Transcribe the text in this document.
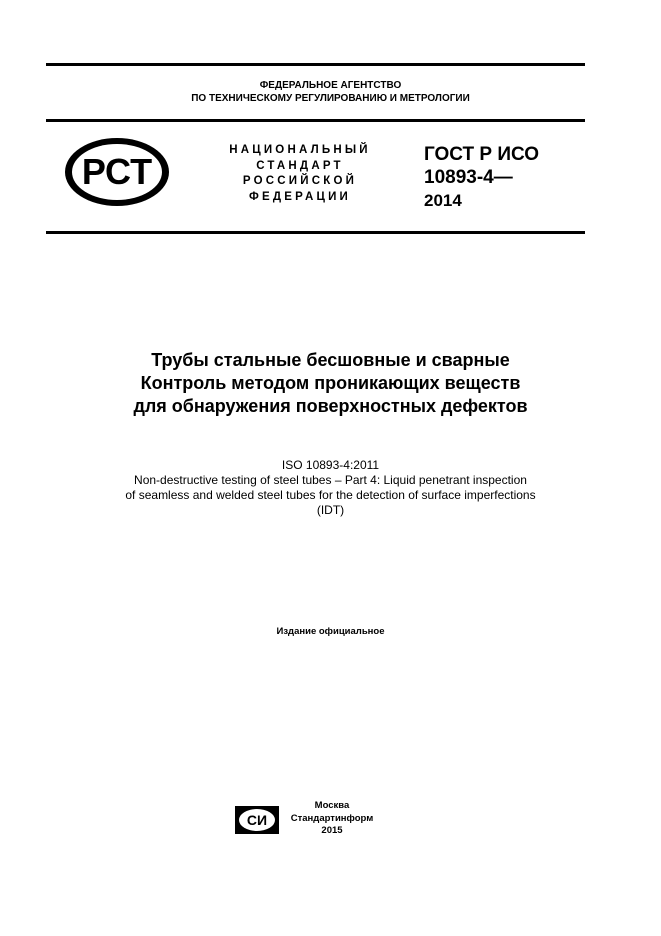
ФЕДЕРАЛЬНОЕ АГЕНТСТВО
ПО ТЕХНИЧЕСКОМУ РЕГУЛИРОВАНИЮ И МЕТРОЛОГИИ
РСТ
НАЦИОНАЛЬНЫЙ
СТАНДАРТ
РОССИЙСКОЙ
ФЕДЕРАЦИИ
ГОСТ Р ИСО
10893-4—
2014
Трубы стальные бесшовные и сварные
Контроль методом проникающих веществ
для обнаружения поверхностных дефектов
ISO 10893-4:2011
Non-destructive testing of steel tubes – Part 4: Liquid penetrant inspection
of seamless and welded steel tubes for the detection of surface imperfections
(IDT)
Издание официальное
СИ
Москва
Стандартинформ
2015
